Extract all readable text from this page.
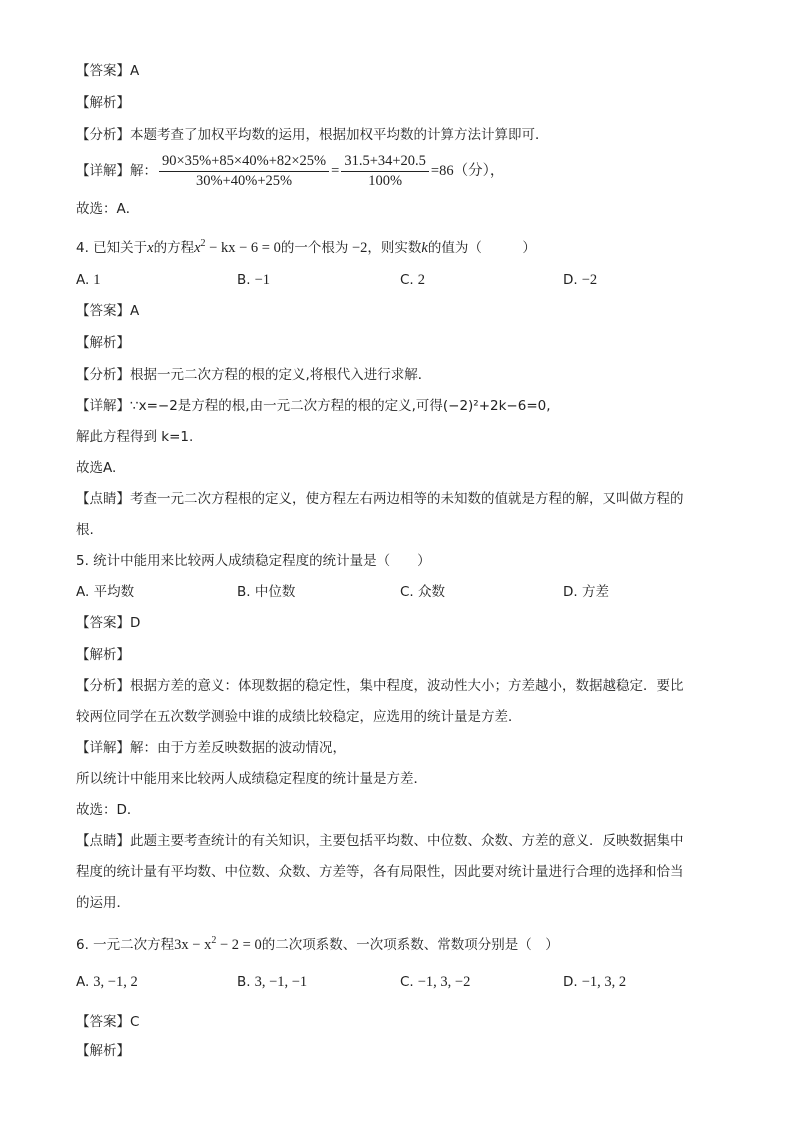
【答案】A
【解析】
【分析】本题考查了加权平均数的运用，根据加权平均数的计算方法计算即可．
【详解】解： $\frac{90\times 35\%+85\times 40\%+82\times 25\%}{30\%+40\%+25\%} = \frac{31.5+34+20.5}{100\%} =86$（分），
故选：A．
4. 已知关于x的方程$x^2$ − kx − 6 = 0的一个根为 −2，则实数k的值为（　　　）
A. 1	B. −1	C. 2	D. −2
【答案】A
【解析】
【分析】根据一元二次方程的根的定义,将根代入进行求解．
【详解】∵x=−2是方程的根,由一元二次方程的根的定义,可得(−2)²+2k−6=0,
解此方程得到 k=1.
故选A.
【点睛】考查一元二次方程根的定义，使方程左右两边相等的未知数的值就是方程的解，又叫做方程的
根.
5. 统计中能用来比较两人成绩稳定程度的统计量是（　　）
A. 平均数	B. 中位数	C. 众数	D. 方差
【答案】D
【解析】
【分析】根据方差的意义：体现数据的稳定性，集中程度，波动性大小；方差越小，数据越稳定．要比
较两位同学在五次数学测验中谁的成绩比较稳定，应选用的统计量是方差．
【详解】解：由于方差反映数据的波动情况，
所以统计中能用来比较两人成绩稳定程度的统计量是方差．
故选：D．
【点睛】此题主要考查统计的有关知识，主要包括平均数、中位数、众数、方差的意义．反映数据集中
程度的统计量有平均数、中位数、众数、方差等，各有局限性，因此要对统计量进行合理的选择和恰当
的运用．
6. 一元二次方程$3x - x^2 - 2 = 0$的二次项系数、一次项系数、常数项分别是（　）
A. 3, −1, 2	B. 3, −1, −1	C. −1, 3, −2	D. −1, 3, 2
【答案】C
【解析】
